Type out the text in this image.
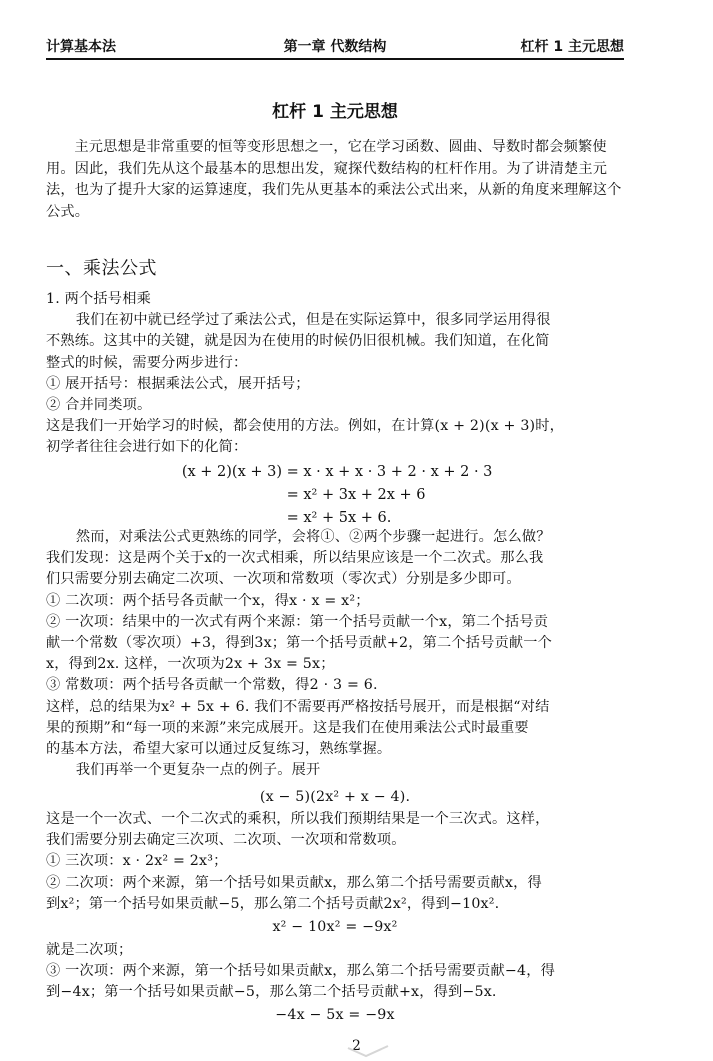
计算基本法	第一章 代数结构	杠杆 1 主元思想
杠杆 1 主元思想
主元思想是非常重要的恒等变形思想之一，它在学习函数、圆曲、导数时都会频繁使用。因此，我们先从这个最基本的思想出发，窥探代数结构的杠杆作用。为了讲清楚主元法，也为了提升大家的运算速度，我们先从更基本的乘法公式出来，从新的角度来理解这个公式。
一、乘法公式
1. 两个括号相乘
我们在初中就已经学过了乘法公式，但是在实际运算中，很多同学运用得很
不熟练。这其中的关键，就是因为在使用的时候仍旧很机械。我们知道，在化简
整式的时候，需要分两步进行：
① 展开括号：根据乘法公式，展开括号；
② 合并同类项。
这是我们一开始学习的时候，都会使用的方法。例如，在计算(x + 2)(x + 3)时，
初学者往往会进行如下的化简：
(x + 2)(x + 3) = x · x + x · 3 + 2 · x + 2 · 3
= x² + 3x + 2x + 6
= x² + 5x + 6.
然而，对乘法公式更熟练的同学，会将①、②两个步骤一起进行。怎么做？
我们发现：这是两个关于x的一次式相乘，所以结果应该是一个二次式。那么我
们只需要分别去确定二次项、一次项和常数项（零次式）分别是多少即可。
① 二次项：两个括号各贡献一个x，得x · x = x²；
② 一次项：结果中的一次式有两个来源：第一个括号贡献一个x，第二个括号贡
献一个常数（零次项）+3，得到3x；第一个括号贡献+2，第二个括号贡献一个
x，得到2x. 这样，一次项为2x + 3x = 5x；
③ 常数项：两个括号各贡献一个常数，得2 · 3 = 6.
这样，总的结果为x² + 5x + 6. 我们不需要再严格按括号展开，而是根据“对结
果的预期”和“每一项的来源”来完成展开。这是我们在使用乘法公式时最重要
的基本方法，希望大家可以通过反复练习，熟练掌握。
我们再举一个更复杂一点的例子。展开
(x − 5)(2x² + x − 4).
这是一个一次式、一个二次式的乘积，所以我们预期结果是一个三次式。这样，
我们需要分别去确定三次项、二次项、一次项和常数项。
① 三次项：x · 2x² = 2x³；
② 二次项：两个来源，第一个括号如果贡献x，那么第二个括号需要贡献x，得
到x²；第一个括号如果贡献−5，那么第二个括号贡献2x²，得到−10x².
x² − 10x² = −9x²
就是二次项；
③ 一次项：两个来源，第一个括号如果贡献x，那么第二个括号需要贡献−4，得
到−4x；第一个括号如果贡献−5，那么第二个括号贡献+x，得到−5x.
−4x − 5x = −9x
2
